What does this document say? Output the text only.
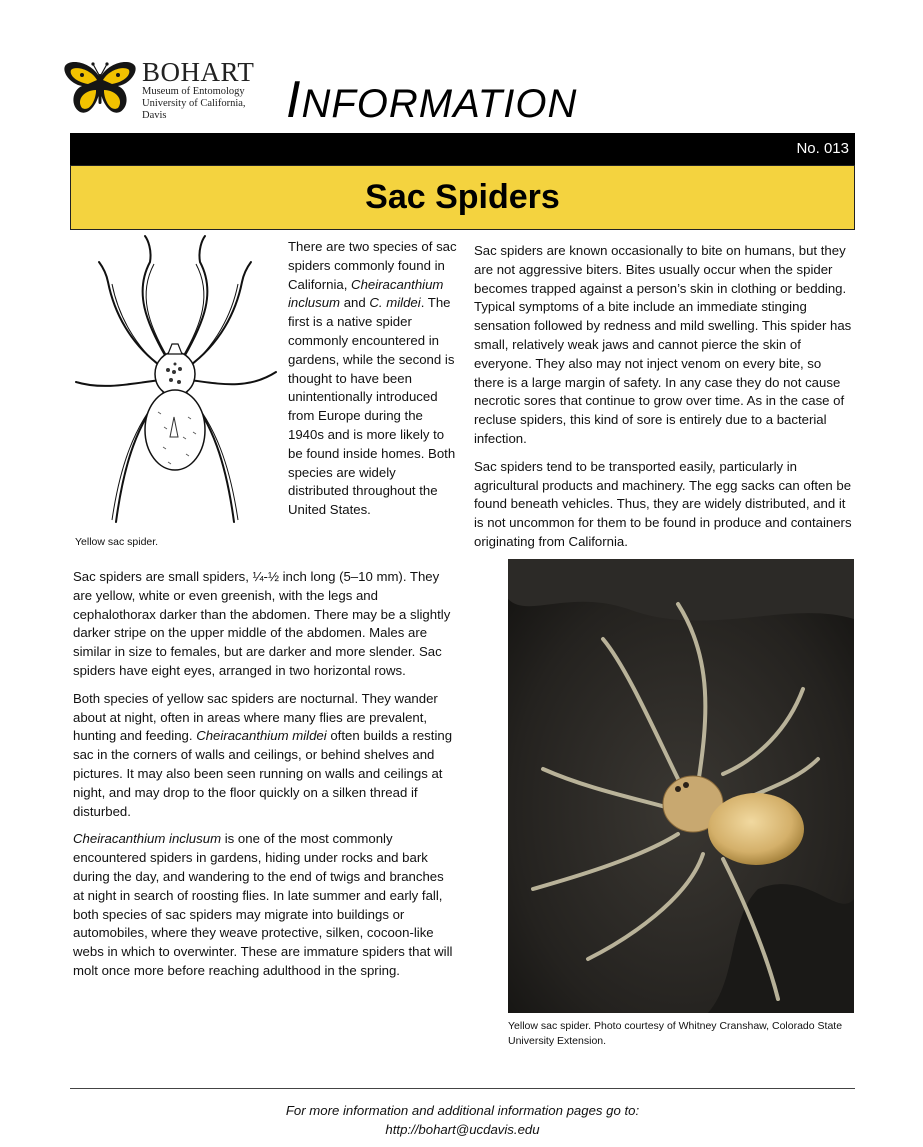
BOHART
Museum of Entomology
University of California, Davis	INFORMATION
No. 013
Sac Spiders
Yellow sac spider.
There are two species of sac spiders commonly found in California, Cheiracanthium inclusum and C. mildei. The first is a native spider commonly encountered in gardens, while the second is thought to have been unintentionally introduced from Europe during the 1940s and is more likely to be found inside homes. Both species are widely distributed throughout the United States.

Sac spiders are small spiders, ¼-½ inch long (5–10 mm). They are yellow, white or even greenish, with the legs and cephalothorax darker than the abdomen. There may be a slightly darker stripe on the upper middle of the abdomen. Males are similar in size to females, but are darker and more slender. Sac spiders have eight eyes, arranged in two horizontal rows.

Both species of yellow sac spiders are nocturnal. They wander about at night, often in areas where many flies are prevalent, hunting and feeding. Cheiracanthium mildei often builds a resting sac in the corners of walls and ceilings, or behind shelves and pictures. It may also been seen running on walls and ceilings at night, and may drop to the floor quickly on a silken thread if disturbed.

Cheiracanthium inclusum is one of the most commonly encountered spiders in gardens, hiding under rocks and bark during the day, and wandering to the end of twigs and branches at night in search of roosting flies. In late summer and early fall, both species of sac spiders may migrate into buildings or automobiles, where they weave protective, silken, cocoon-like webs in which to overwinter. These are immature spiders that will molt once more before reaching adulthood in the spring.

Sac spiders are known occasionally to bite on humans, but they are not aggressive biters. Bites usually occur when the spider becomes trapped against a person’s skin in clothing or bedding. Typical symptoms of a bite include an immediate stinging sensation followed by redness and mild swelling. This spider has small, relatively weak jaws and cannot pierce the skin of everyone. They also may not inject venom on every bite, so there is a large margin of safety. In any case they do not cause necrotic sores that continue to grow over time. As in the case of recluse spiders, this kind of sore is entirely due to a bacterial infection.

Sac spiders tend to be transported easily, particularly in agricultural products and machinery. The egg sacks can often be found beneath vehicles. Thus, they are widely distributed, and it is not uncommon for them to be found in produce and containers originating from California.

Yellow sac spider. Photo courtesy of Whitney Cranshaw, Colorado State University Extension.
For more information and additional information pages go to:
http://bohart@ucdavis.edu
